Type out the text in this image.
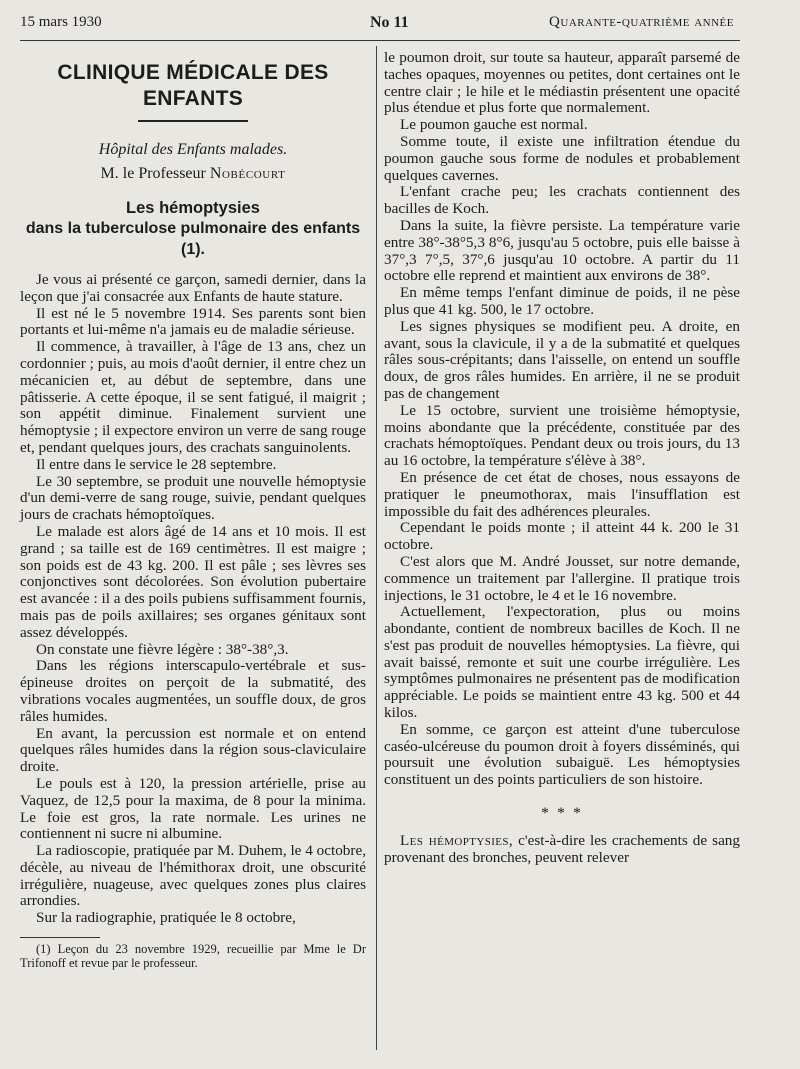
15 mars 1930	No 11	Quarante-quatrième année
CLINIQUE MÉDICALE DES ENFANTS
Hôpital des Enfants malades.
M. le Professeur Nobécourt
Les hémoptysies
dans la tuberculose pulmonaire des enfants (1).

Je vous ai présenté ce garçon, samedi dernier, dans la leçon que j'ai consacrée aux Enfants de haute stature.

Il est né le 5 novembre 1914. Ses parents sont bien portants et lui-même n'a jamais eu de maladie sérieuse.

Il commence, à travailler, à l'âge de 13 ans, chez un cordonnier ; puis, au mois d'août dernier, il entre chez un mécanicien et, au début de septembre, dans une pâtisserie. A cette époque, il se sent fatigué, il maigrit ; son appétit diminue. Finalement survient une hémoptysie ; il expectore environ un verre de sang rouge et, pendant quelques jours, des crachats sanguinolents.

Il entre dans le service le 28 septembre.

Le 30 septembre, se produit une nouvelle hémoptysie d'un demi-verre de sang rouge, suivie, pendant quelques jours de crachats hémoptoïques.

Le malade est alors âgé de 14 ans et 10 mois. Il est grand ; sa taille est de 169 centimètres. Il est maigre ; son poids est de 43 kg. 200. Il est pâle ; ses lèvres ses conjonctives sont décolorées. Son évolution pubertaire est avancée : il a des poils pubiens suffisamment fournis, mais pas de poils axillaires; ses organes génitaux sont assez développés.

On constate une fièvre légère : 38°-38°,3.

Dans les régions interscapulo-vertébrale et sus-épineuse droites on perçoit de la submatité, des vibrations vocales augmentées, un souffle doux, de gros râles humides.

En avant, la percussion est normale et on entend quelques râles humides dans la région sous-claviculaire droite.

Le pouls est à 120, la pression artérielle, prise au Vaquez, de 12,5 pour la maxima, de 8 pour la minima. Le foie est gros, la rate normale. Les urines ne contiennent ni sucre ni albumine.

La radioscopie, pratiquée par M. Duhem, le 4 octobre, décèle, au niveau de l'hémithorax droit, une obscurité irrégulière, nuageuse, avec quelques zones plus claires arrondies.

Sur la radiographie, pratiquée le 8 octobre,

(1) Leçon du 23 novembre 1929, recueillie par Mme le Dr Trifonoff et revue par le professeur.

le poumon droit, sur toute sa hauteur, apparaît parsemé de taches opaques, moyennes ou petites, dont certaines ont le centre clair ; le hile et le médiastin présentent une opacité plus étendue et plus forte que normalement.

Le poumon gauche est normal.

Somme toute, il existe une infiltration étendue du poumon gauche sous forme de nodules et probablement quelques cavernes.

L'enfant crache peu; les crachats contiennent des bacilles de Koch.

Dans la suite, la fièvre persiste. La température varie entre 38°-38°5,3 8°6, jusqu'au 5 octobre, puis elle baisse à 37°,3 7°,5, 37°,6 jusqu'au 10 octobre. A partir du 11 octobre elle reprend et maintient aux environs de 38°.

En même temps l'enfant diminue de poids, il ne pèse plus que 41 kg. 500, le 17 octobre.

Les signes physiques se modifient peu. A droite, en avant, sous la clavicule, il y a de la submatité et quelques râles sous-crépitants; dans l'aisselle, on entend un souffle doux, de gros râles humides. En arrière, il ne se produit pas de changement

Le 15 octobre, survient une troisième hémoptysie, moins abondante que la précédente, constituée par des crachats hémoptoïques. Pendant deux ou trois jours, du 13 au 16 octobre, la température s'élève à 38°.

En présence de cet état de choses, nous essayons de pratiquer le pneumothorax, mais l'insufflation est impossible du fait des adhérences pleurales.

Cependant le poids monte ; il atteint 44 k. 200 le 31 octobre.

C'est alors que M. André Jousset, sur notre demande, commence un traitement par l'allergine. Il pratique trois injections, le 31 octobre, le 4 et le 16 novembre.

Actuellement, l'expectoration, plus ou moins abondante, contient de nombreux bacilles de Koch. Il ne s'est pas produit de nouvelles hémoptysies. La fièvre, qui avait baissé, remonte et suit une courbe irrégulière. Les symptômes pulmonaires ne présentent pas de modification appréciable. Le poids se maintient entre 43 kg. 500 et 44 kilos.

En somme, ce garçon est atteint d'une tuberculose caséo-ulcéreuse du poumon droit à foyers disséminés, qui poursuit une évolution subaiguë. Les hémoptysies constituent un des points particuliers de son histoire.

* * *

Les hémoptysies, c'est-à-dire les crachements de sang provenant des bronches, peuvent relever
